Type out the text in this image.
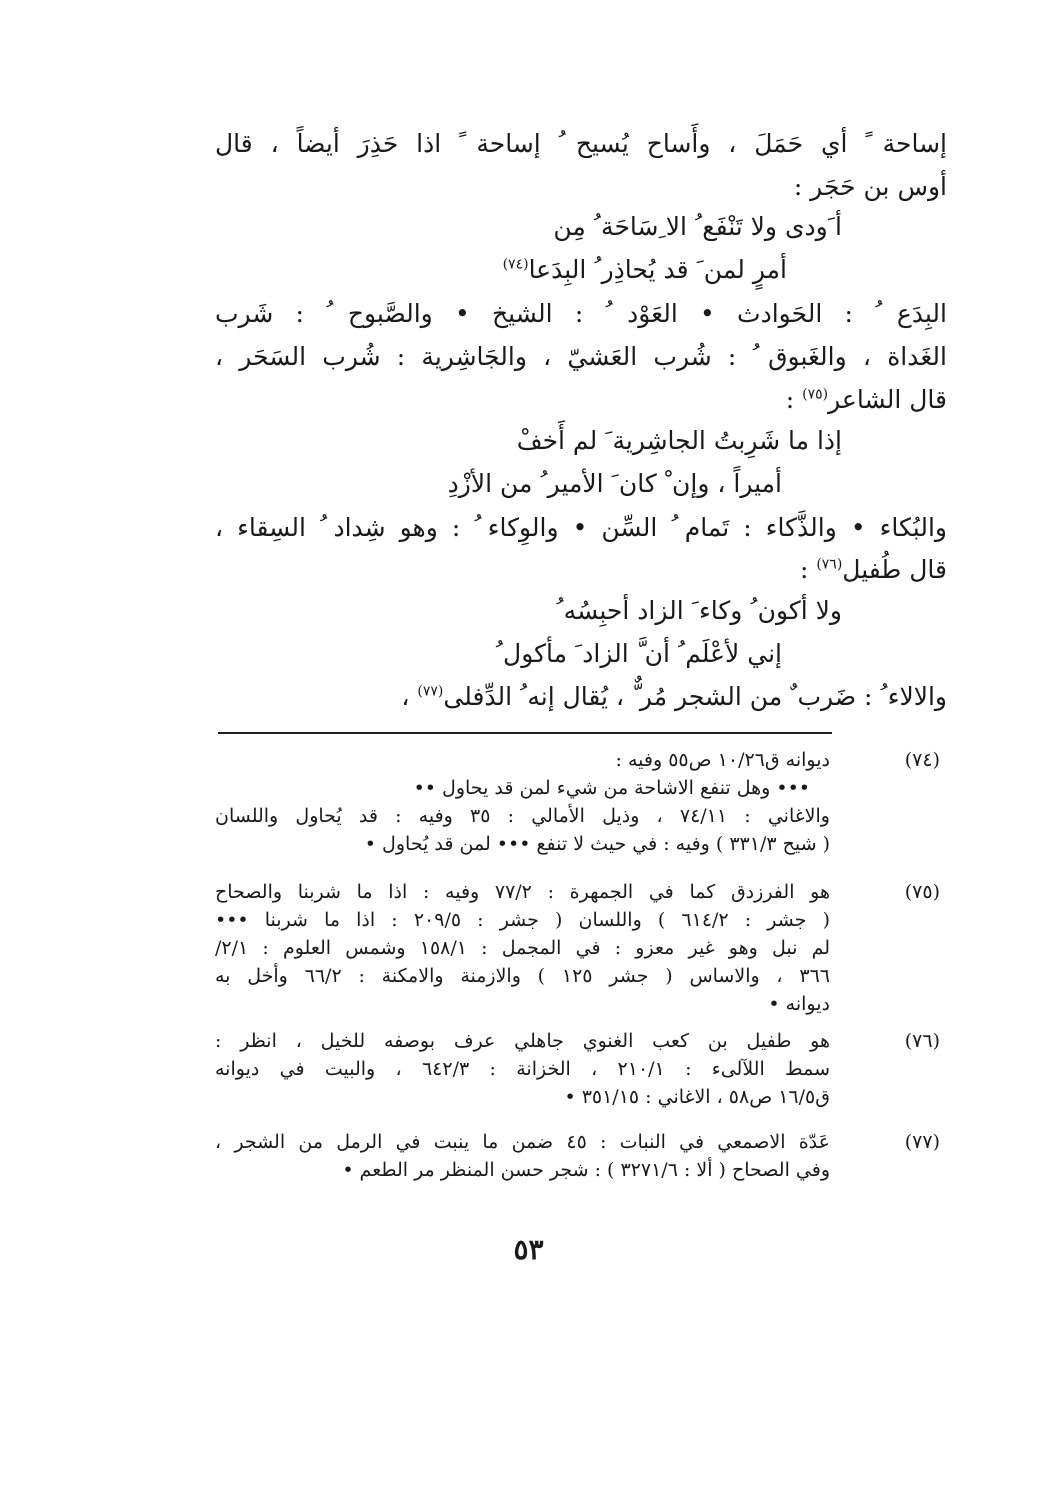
إساحة ً أي حَمَلَ ، وأَساح يُسيح ُ إساحة ً اذا حَذِرَ أيضاً ، قال
أوس بن حَجَر :
أ َودى ولا تَنْفَع ُ الا ِسَاحَة ُ مِن
أمرٍ لمن َ قد يُحاذِر ُ البِدَعا$^{(٧٤)}$
البِدَع ُ : الحَوادث • العَوْد ُ : الشيخ • والصَّبوح ُ : شَرب
الغَداة ، والغَبوق ُ : شُرب العَشيّ ، والجَاشِرية : شُرب السَحَر ،
قال الشاعر$^{(٧٥)}$ :
إذا ما شَرِبتُ الجاشِرية َ لم أَخفْ
أميراً ، وإن ْ كان َ الأمير ُ من الأزْدِ
والبُكاء • والذَّكاء : تَمام ُ السِّن • والوِكاء ُ : وهو شِداد ُ السِقاء ،
قال طُفيل$^{(٧٦)}$ :
ولا أكون ُ وكاء َ الزاد أحبِسُه ُ
إني لأعْلَم ُ أن َّ الزاد َ مأكول ُ
والالاء ُ : ضَرب ٌ من الشجر مُر ٌّ ، يُقال إنه ُ الدِّفلى$^{(٧٧)}$ ،
(٧٤)
ديوانه ق١٠/٢٦ ص٥٥ وفيه :
••• وهل تنفع الاشاحة من شيء لمن قد يحاول ••
والاغاني : ٧٤/١١ ، وذيل الأمالي : ٣٥ وفيه : قد يُحاول واللسان
( شيح ٣٣١/٣ ) وفيه : في حيث لا تنفع ••• لمن قد يُحاول •
(٧٥)
هو الفرزدق كما في الجمهرة : ٧٧/٢ وفيه : اذا ما شربنا والصحاح
( جشر : ٦١٤/٢ ) واللسان ( جشر : ٢٠٩/٥ : اذا ما شربنا •••
لم نبل وهو غير معزو : في المجمل : ١٥٨/١ وشمس العلوم : ٢/١/
٣٦٦ ، والاساس ( جشر ١٢٥ ) والازمنة والامكنة : ٦٦/٢ وأخل به
ديوانه •
(٧٦)
هو طفيل بن كعب الغنوي جاهلي عرف بوصفه للخيل ، انظر :
سمط اللآلىء : ٢١٠/١ ، الخزانة : ٦٤٢/٣ ، والبيت في ديوانه
ق١٦/٥ ص٥٨ ، الاغاني : ٣٥١/١٥ •
(٧٧)
عَدّة الاصمعي في النبات : ٤٥ ضمن ما ينبت في الرمل من الشجر ،
وفي الصحاح ( ألا : ٣٢٧١/٦ ) : شجر حسن المنظر مر الطعم •
٥٣
